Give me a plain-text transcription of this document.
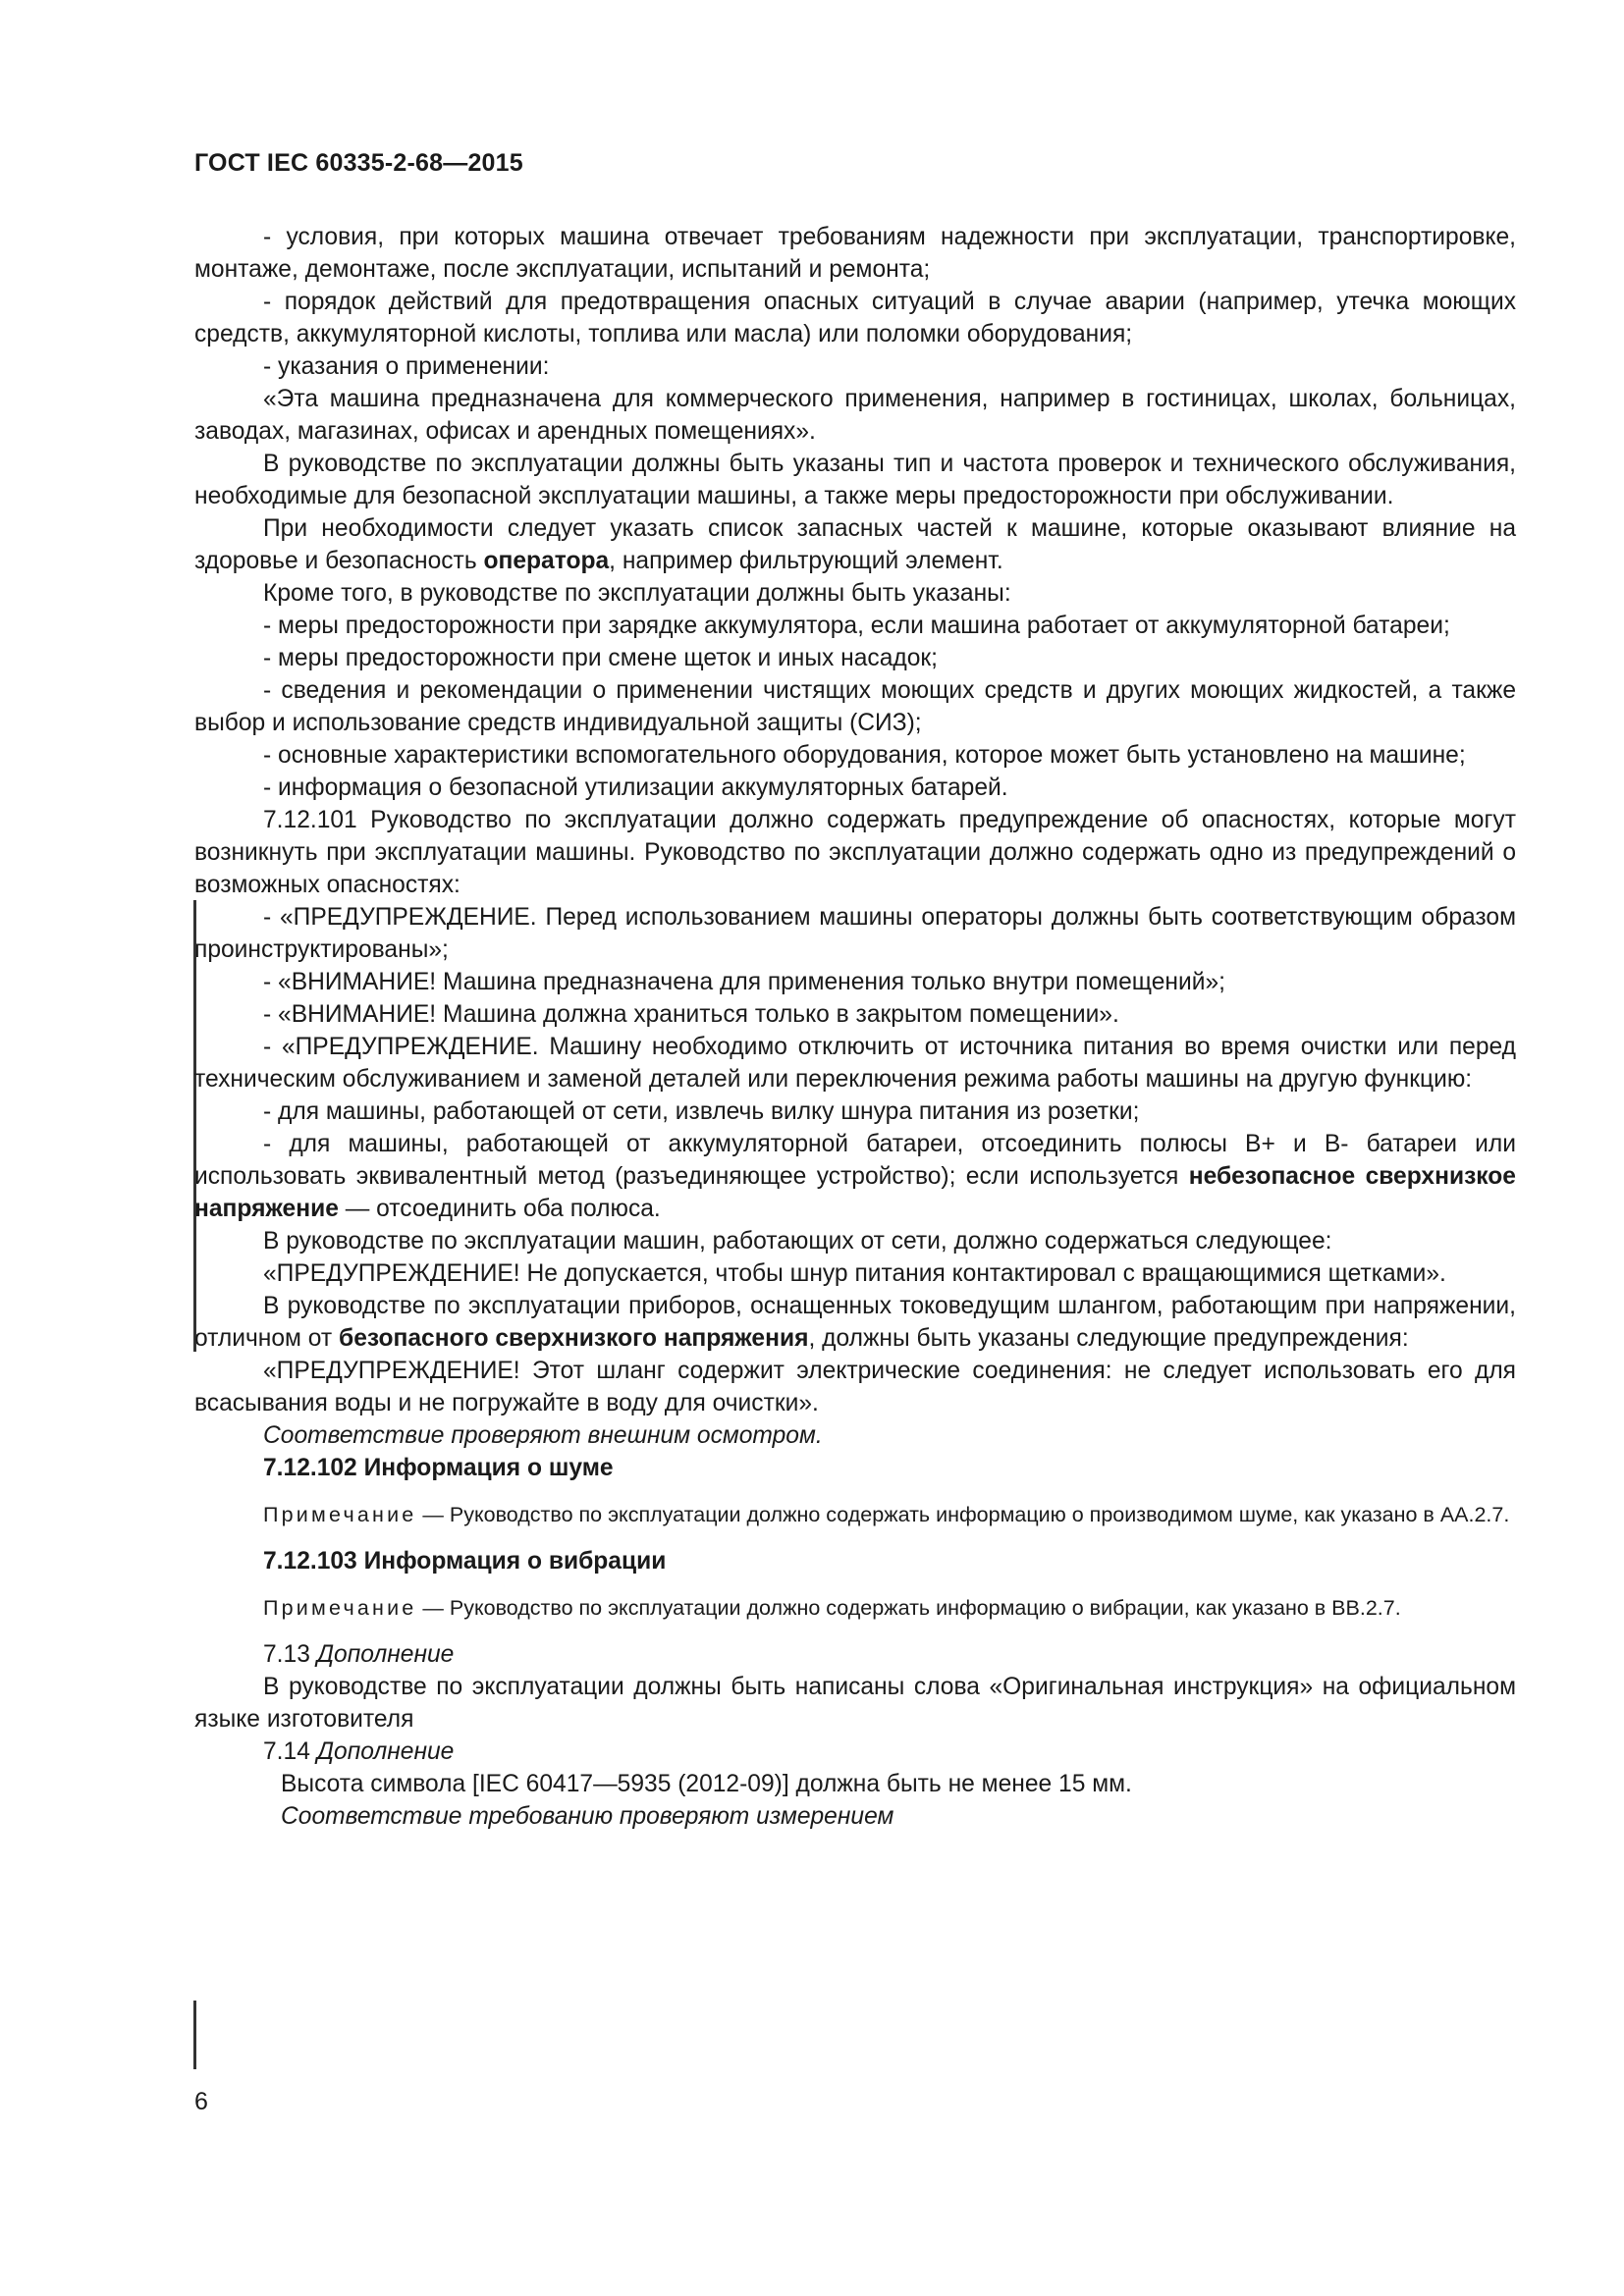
ГОСТ IEC 60335-2-68—2015

- условия, при которых машина отвечает требованиям надежности при эксплуатации, транспортировке, монтаже, демонтаже, после эксплуатации, испытаний и ремонта;

- порядок действий для предотвращения опасных ситуаций в случае аварии (например, утечка моющих средств, аккумуляторной кислоты, топлива или масла) или поломки оборудования;

- указания о применении:

«Эта машина предназначена для коммерческого применения, например в гостиницах, школах, больницах, заводах, магазинах, офисах и арендных помещениях».

В руководстве по эксплуатации должны быть указаны тип и частота проверок и технического обслуживания, необходимые для безопасной эксплуатации машины, а также меры предосторожности при обслуживании.

При необходимости следует указать список запасных частей к машине, которые оказывают влияние на здоровье и безопасность оператора, например фильтрующий элемент.

Кроме того, в руководстве по эксплуатации должны быть указаны:

- меры предосторожности при зарядке аккумулятора, если машина работает от аккумуляторной батареи;

- меры предосторожности при смене щеток и иных насадок;

- сведения и рекомендации о применении чистящих моющих средств и других моющих жидкостей, а также выбор и использование средств индивидуальной защиты (СИЗ);

- основные характеристики вспомогательного оборудования, которое может быть установлено на машине;

- информация о безопасной утилизации аккумуляторных батарей.

7.12.101 Руководство по эксплуатации должно содержать предупреждение об опасностях, которые могут возникнуть при эксплуатации машины. Руководство по эксплуатации должно содержать одно из предупреждений о возможных опасностях:

- «ПРЕДУПРЕЖДЕНИЕ. Перед использованием машины операторы должны быть соответствующим образом проинструктированы»;

- «ВНИМАНИЕ! Машина предназначена для применения только внутри помещений»;

- «ВНИМАНИЕ! Машина должна храниться только в закрытом помещении».

- «ПРЕДУПРЕЖДЕНИЕ. Машину необходимо отключить от источника питания во время очистки или перед техническим обслуживанием и заменой деталей или переключения режима работы машины на другую функцию:

- для машины, работающей от сети, извлечь вилку шнура питания из розетки;

- для машины, работающей от аккумуляторной батареи, отсоединить полюсы В+ и В- батареи или использовать эквивалентный метод (разъединяющее устройство); если используется небезопасное сверхнизкое напряжение — отсоединить оба полюса.

В руководстве по эксплуатации машин, работающих от сети, должно содержаться следующее:

«ПРЕДУПРЕЖДЕНИЕ! Не допускается, чтобы шнур питания контактировал с вращающимися щетками».

В руководстве по эксплуатации приборов, оснащенных токоведущим шлангом, работающим при напряжении, отличном от безопасного сверхнизкого напряжения, должны быть указаны следующие предупреждения:

«ПРЕДУПРЕЖДЕНИЕ! Этот шланг содержит электрические соединения: не следует использовать его для всасывания воды и не погружайте в воду для очистки».

Соответствие проверяют внешним осмотром.

7.12.102 Информация о шуме

Примечание — Руководство по эксплуатации должно содержать информацию о производимом шуме, как указано в АА.2.7.

7.12.103 Информация о вибрации

Примечание — Руководство по эксплуатации должно содержать информацию о вибрации, как указано в ВВ.2.7.

7.13 Дополнение

В руководстве по эксплуатации должны быть написаны слова «Оригинальная инструкция» на официальном языке изготовителя

7.14 Дополнение

Высота символа [IEC 60417—5935 (2012-09)] должна быть не менее 15 мм.

Соответствие требованию проверяют измерением

6
